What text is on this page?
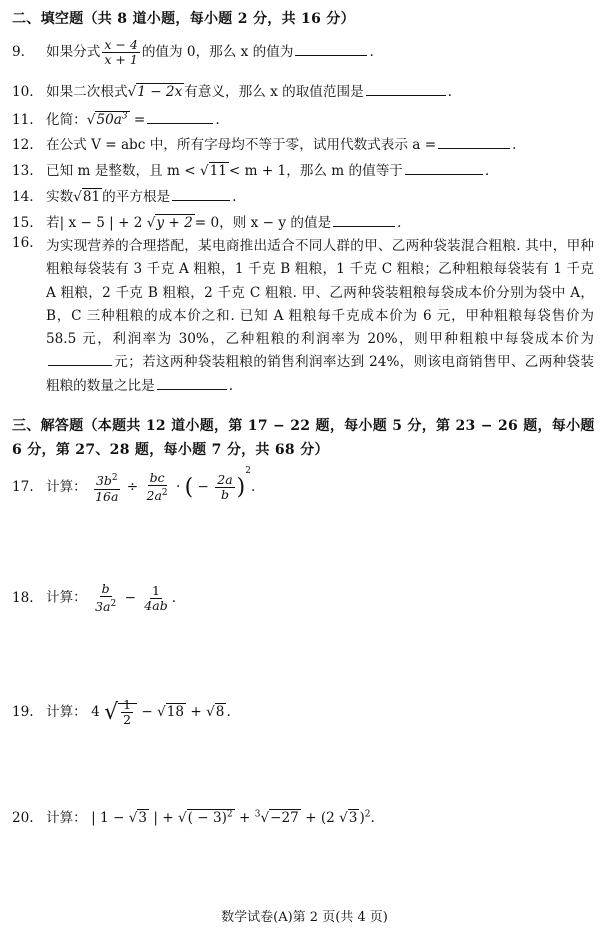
二、填空题（共 8 道小题，每小题 2 分，共 16 分）
9. 如果分式 $\frac{x - 4}{x + 1}$ 的值为 0，那么 x 的值为	.
10. 如果二次根式√1 − 2x 有意义，那么 x 的取值范围是	.
11. 化简：$√50a^3$ =	.
12. 在公式 V = abc 中，所有字母均不等于零，试用代数式表示 a =	.
13. 已知 m 是整数，且 m < √11 < m + 1，那么 m 的值等于	.
14. 实数√81 的平方根是	.
15. 若| x − 5 | + 2 √y + 2 = 0，则 x − y 的值是	.
16. 为实现营养的合理搭配，某电商推出适合不同人群的甲、乙两种袋装混合粗粮. 其中，甲种粗粮每袋装有 3 千克 A 粗粮，1 千克 B 粗粮，1 千克 C 粗粮；乙种粗粮每袋装有 1 千克 A 粗粮，2 千克 B 粗粮，2 千克 C 粗粮. 甲、乙两种袋装粗粮每袋成本价分别为袋中 A，B，C 三种粗粮的成本价之和. 已知 A 粗粮每千克成本价为 6 元，甲种粗粮每袋售价为 58.5 元，利润率为 30%，乙种粗粮的利润率为 20%，则甲种粗粮中每袋成本价为元；若这两种袋装粗粮的销售利润率达到 24%，则该电商销售甲、乙两种袋装粗粮的数量之比是	.
三、解答题（本题共 12 道小题，第 17 − 22 题，每小题 5 分，第 23 − 26 题，每小题 6 分，第 27、28 题，每小题 7 分，共 68 分）
17. 计算： $\frac{3b^2}{16a} \div \frac{bc}{2a^2}$ · ( − $\frac{2a}{b} )^2$.
18. 计算： $\frac{b}{3a^2} - \frac{1}{4ab}$ .
19. 计算： 4 √ $\frac{1}{2} - √18 + √8$ .
20. 计算： | 1 − √3 | + √( − 3)$^2$ + $^3$√−27 + (2 √3 )$^2$.
数学试卷(A)第 2 页(共 4 页)
